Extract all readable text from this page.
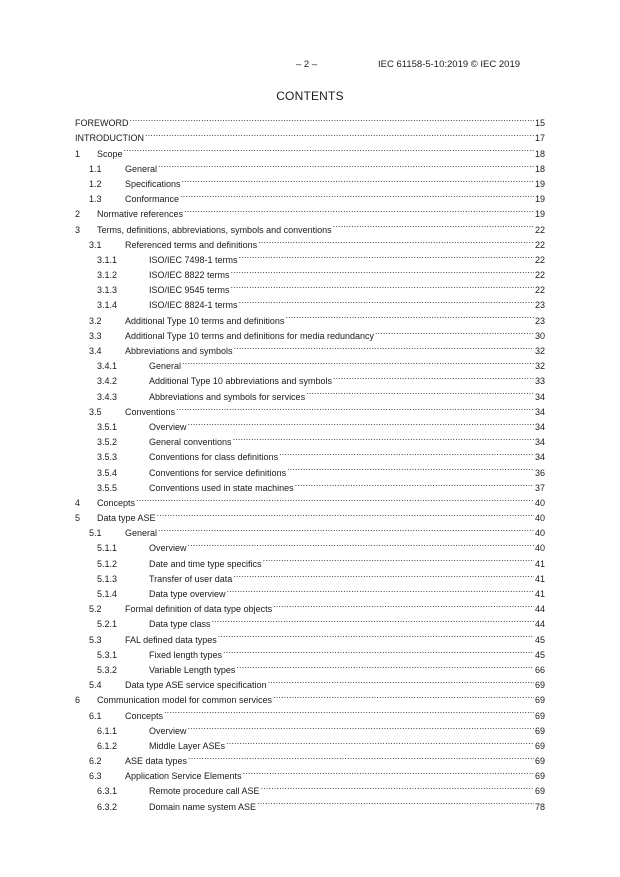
– 2 –	IEC 61158-5-10:2019 © IEC 2019
CONTENTS
FOREWORD .....	15
INTRODUCTION .....	17
1	Scope .....	18
1.1	General .....	18
1.2	Specifications .....	19
1.3	Conformance .....	19
2	Normative references .....	19
3	Terms, definitions, abbreviations, symbols and conventions .....	22
3.1	Referenced terms and definitions .....	22
3.1.1	ISO/IEC 7498-1 terms .....	22
3.1.2	ISO/IEC 8822 terms .....	22
3.1.3	ISO/IEC 9545 terms .....	22
3.1.4	ISO/IEC 8824-1 terms .....	23
3.2	Additional Type 10 terms and definitions .....	23
3.3	Additional Type 10 terms and definitions for media redundancy .....	30
3.4	Abbreviations and symbols .....	32
3.4.1	General .....	32
3.4.2	Additional Type 10 abbreviations and symbols .....	33
3.4.3	Abbreviations and symbols for services .....	34
3.5	Conventions .....	34
3.5.1	Overview .....	34
3.5.2	General conventions .....	34
3.5.3	Conventions for class definitions .....	34
3.5.4	Conventions for service definitions .....	36
3.5.5	Conventions used in state machines .....	37
4	Concepts .....	40
5	Data type ASE .....	40
5.1	General .....	40
5.1.1	Overview .....	40
5.1.2	Date and time type specifics .....	41
5.1.3	Transfer of user data .....	41
5.1.4	Data type overview .....	41
5.2	Formal definition of data type objects .....	44
5.2.1	Data type class .....	44
5.3	FAL defined data types .....	45
5.3.1	Fixed length types .....	45
5.3.2	Variable Length types .....	66
5.4	Data type ASE service specification .....	69
6	Communication model for common services .....	69
6.1	Concepts .....	69
6.1.1	Overview .....	69
6.1.2	Middle Layer ASEs .....	69
6.2	ASE data types .....	69
6.3	Application Service Elements .....	69
6.3.1	Remote procedure call ASE .....	69
6.3.2	Domain name system ASE .....	78
